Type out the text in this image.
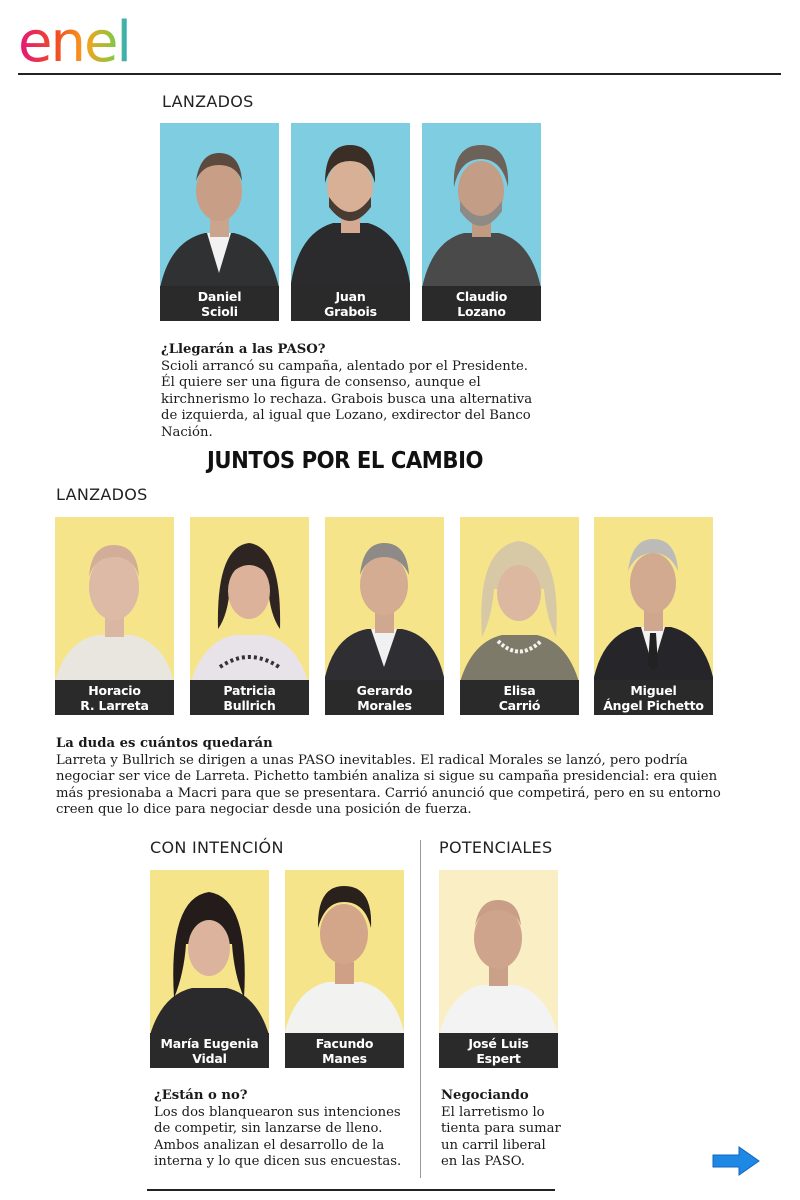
enel
LANZADOS
Daniel
Scioli
Juan
Grabois
Claudio
Lozano
¿Llegarán a las PASO?
Scioli arrancó su campaña, alentado por el Presidente. Él quiere ser una figura de consenso, aunque el kirchnerismo lo rechaza. Grabois busca una alternativa de izquierda, al igual que Lozano, exdirector del Banco Nación.
JUNTOS POR EL CAMBIO
LANZADOS
Horacio
R. Larreta
Patricia
Bullrich
Gerardo
Morales
Elisa
Carrió
Miguel
Ángel Pichetto
La duda es cuántos quedarán
Larreta y Bullrich se dirigen a unas PASO inevitables. El radical Morales se lanzó, pero podría negociar ser vice de Larreta. Pichetto también analiza si sigue su campaña presidencial: era quien más presionaba a Macri para que se presentara. Carrió anunció que competirá, pero en su entorno creen que lo dice para negociar desde una posición de fuerza.
CON INTENCIÓN
María Eugenia
Vidal
Facundo
Manes
¿Están o no?
Los dos blanquearon sus intenciones de competir, sin lanzarse de lleno. Ambos analizan el desarrollo de la interna y lo que dicen sus encuestas.
POTENCIALES
José Luis
Espert
Negociando
El larretismo lo tienta para sumar un carril liberal en las PASO.
